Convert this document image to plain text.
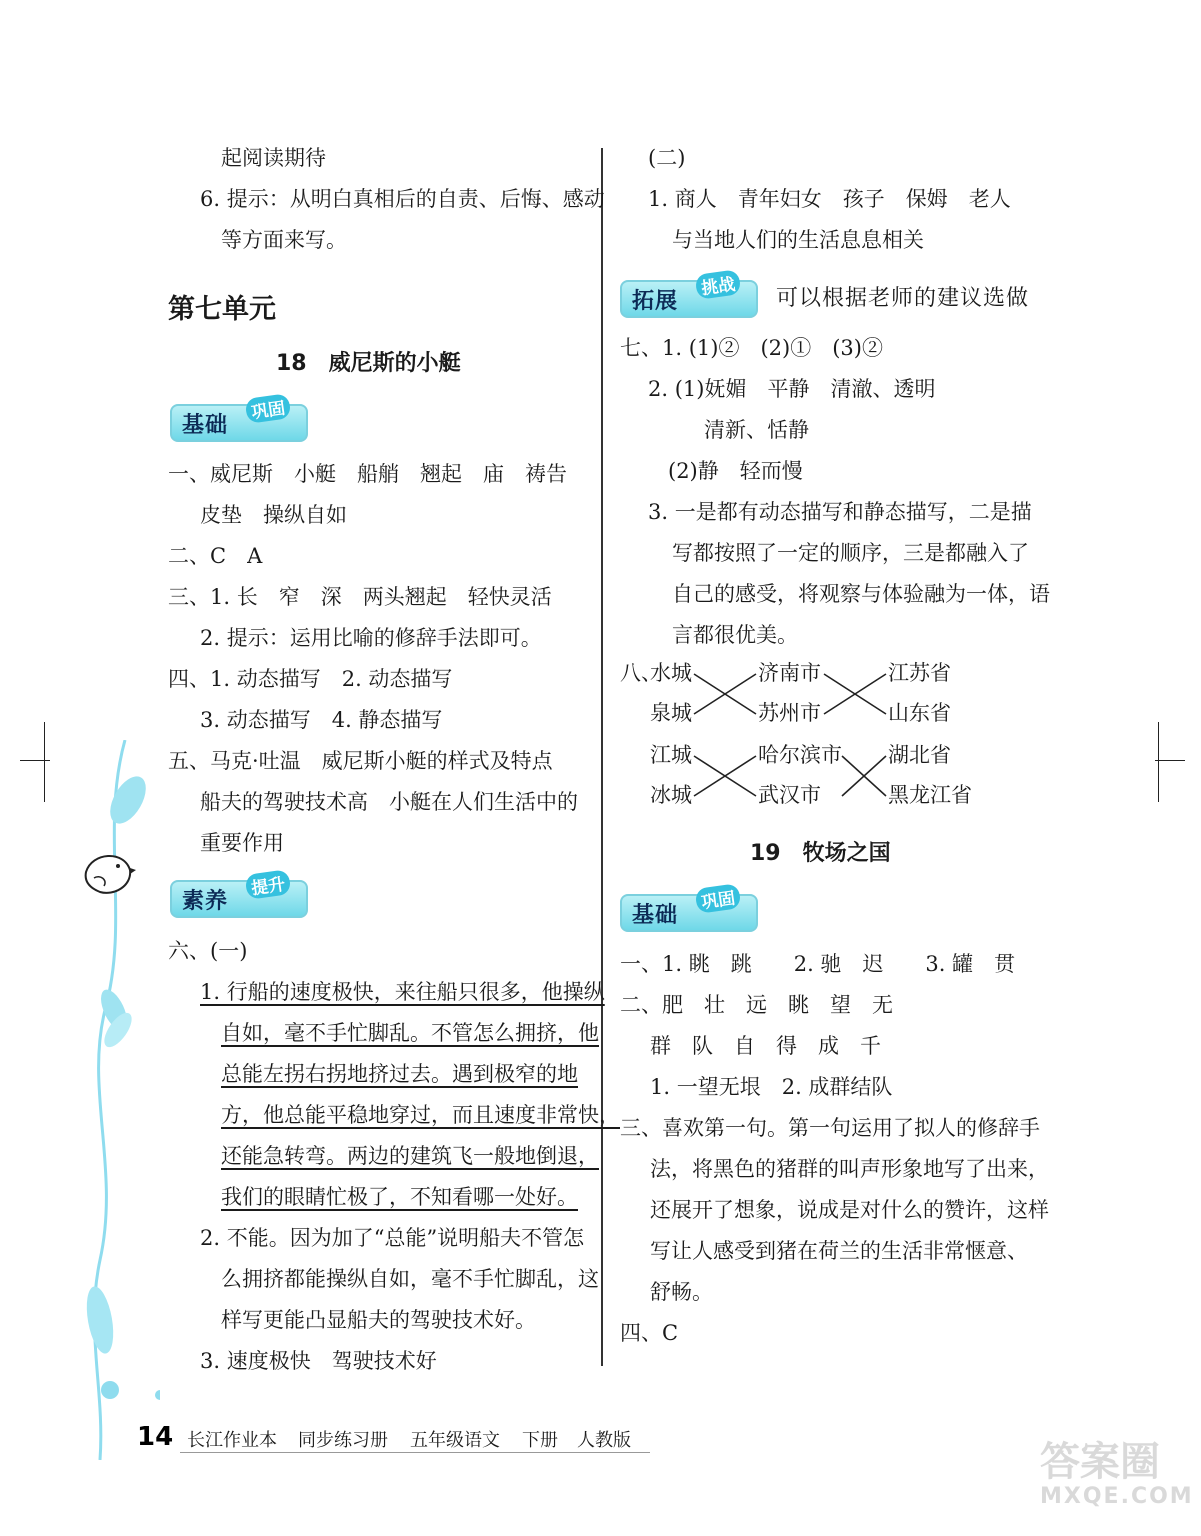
起阅读期待
6. 提示：从明白真相后的自责、后悔、感动
等方面来写。
第七单元
18　威尼斯的小艇
基础
巩固
一、威尼斯　小艇　船艄　翘起　庙　祷告
皮垫　操纵自如
二、C　A
三、1. 长　窄　深　两头翘起　轻快灵活
2. 提示：运用比喻的修辞手法即可。
四、1. 动态描写　2. 动态描写
3. 动态描写　4. 静态描写
五、马克·吐温　威尼斯小艇的样式及特点
船夫的驾驶技术高　小艇在人们生活中的
重要作用
素养
提升
六、(一)
1. 行船的速度极快，来往船只很多，他操纵
自如，毫不手忙脚乱。不管怎么拥挤，他
总能左拐右拐地挤过去。遇到极窄的地
方，他总能平稳地穿过，而且速度非常快，
还能急转弯。两边的建筑飞一般地倒退，
我们的眼睛忙极了，不知看哪一处好。
2. 不能。因为加了“总能”说明船夫不管怎
么拥挤都能操纵自如，毫不手忙脚乱，这
样写更能凸显船夫的驾驶技术好。
3. 速度极快　驾驶技术好
(二)
1. 商人　青年妇女　孩子　保姆　老人
与当地人们的生活息息相关
拓展
挑战 可以根据老师的建议选做
七、1. (1)②　(2)①　(3)②
2. (1)妩媚　平静　清澈、透明
清新、恬静
(2)静　轻而慢
3. 一是都有动态描写和静态描写，二是描
写都按照了一定的顺序，三是都融入了
自己的感受，将观察与体验融为一体，语
言都很优美。
八、
水城
泉城
济南市
苏州市
江苏省
山东省
江城
冰城
哈尔滨市
武汉市
湖北省
黑龙江省
19　牧场之国
基础
巩固
一、1. 眺　跳　　2. 驰　迟　　3. 罐　贯
二、肥　壮　远　眺　望　无
群　队　自　得　成　千
1. 一望无垠　2. 成群结队
三、喜欢第一句。第一句运用了拟人的修辞手
法，将黑色的猪群的叫声形象地写了出来，
还展开了想象，说成是对什么的赞许，这样
写让人感受到猪在荷兰的生活非常惬意、
舒畅。
四、C
14 长江作业本 同步练习册 五年级语文 下册 人教版	答案圈
MXQE.COM
